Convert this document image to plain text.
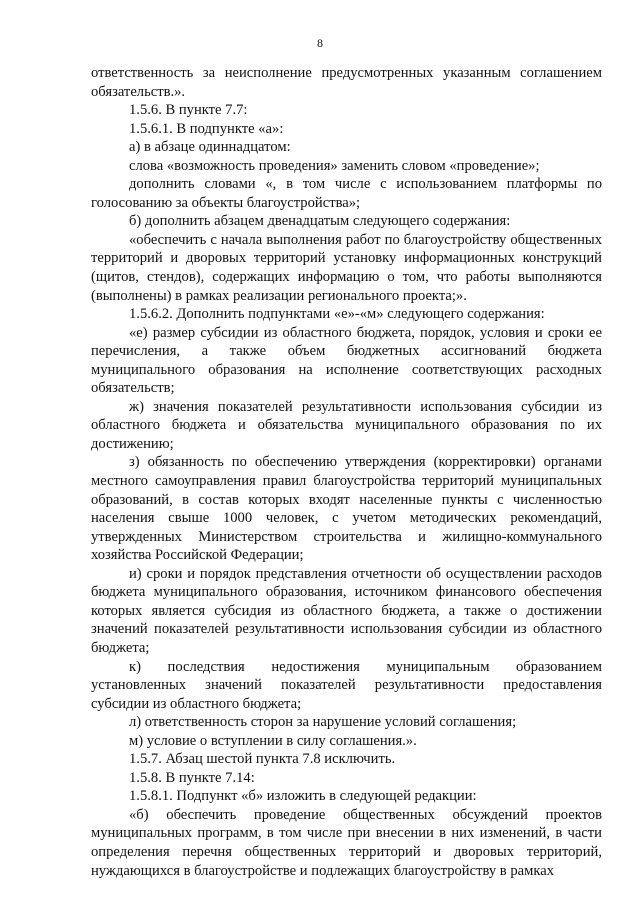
8

ответственность за неисполнение предусмотренных указанным соглашением обязательств.».

1.5.6. В пункте 7.7:

1.5.6.1. В подпункте «а»:

а) в абзаце одиннадцатом:

слова «возможность проведения» заменить словом «проведение»;

дополнить словами «, в том числе с использованием платформы по голосованию за объекты благоустройства»;

б) дополнить абзацем двенадцатым следующего содержания:

«обеспечить с начала выполнения работ по благоустройству общественных территорий и дворовых территорий установку информационных конструкций (щитов, стендов), содержащих информацию о том, что работы выполняются (выполнены) в рамках реализации регионального проекта;».

1.5.6.2. Дополнить подпунктами «е»-«м» следующего содержания:

«е) размер субсидии из областного бюджета, порядок, условия и сроки ее перечисления, а также объем бюджетных ассигнований бюджета муниципального образования на исполнение соответствующих расходных обязательств;

ж) значения показателей результативности использования субсидии из областного бюджета и обязательства муниципального образования по их достижению;

з) обязанность по обеспечению утверждения (корректировки) органами местного самоуправления правил благоустройства территорий муниципальных образований, в состав которых входят населенные пункты с численностью населения свыше 1000 человек, с учетом методических рекомендаций, утвержденных Министерством строительства и жилищно-коммунального хозяйства Российской Федерации;

и) сроки и порядок представления отчетности об осуществлении расходов бюджета муниципального образования, источником финансового обеспечения которых является субсидия из областного бюджета, а также о достижении значений показателей результативности использования субсидии из областного бюджета;

к) последствия недостижения муниципальным образованием установленных значений показателей результативности предоставления субсидии из областного бюджета;

л) ответственность сторон за нарушение условий соглашения;

м) условие о вступлении в силу соглашения.».

1.5.7. Абзац шестой пункта 7.8 исключить.

1.5.8. В пункте 7.14:

1.5.8.1. Подпункт «б» изложить в следующей редакции:

«б) обеспечить проведение общественных обсуждений проектов муниципальных программ, в том числе при внесении в них изменений, в части определения перечня общественных территорий и дворовых территорий, нуждающихся в благоустройстве и подлежащих благоустройству в рамках
